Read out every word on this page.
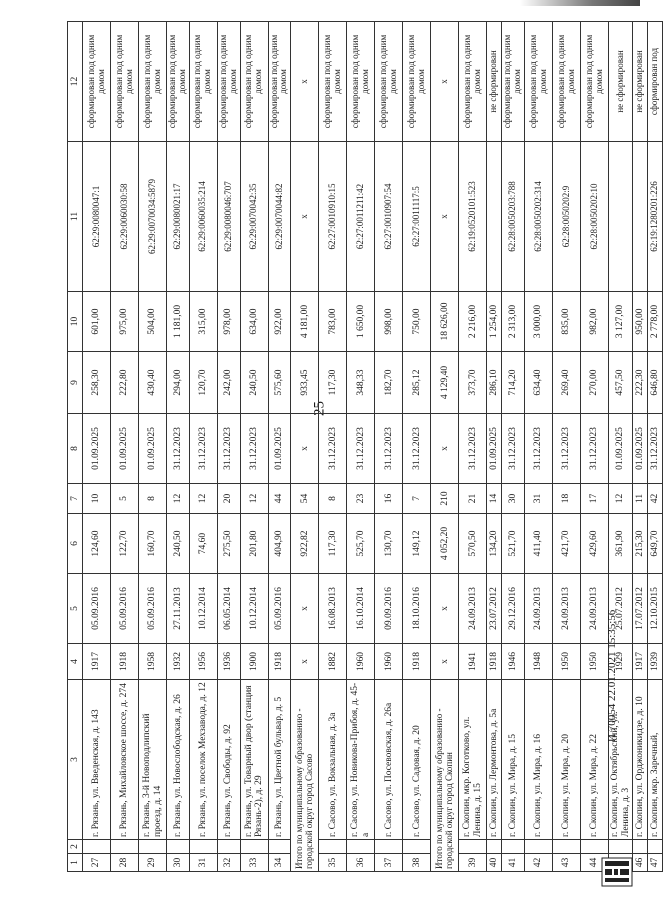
25
1	2	3	4	5	6	7	8	9	10	11	12
27		г. Рязань, ул. Введенская, д. 143	1917	05.09.2016	124,60	10	01.09.2025	258,30	601,00	62:29:0080047:1	сформирован под одним домом
28		г. Рязань, Михайловское шоссе, д. 274	1918	05.09.2016	122,70	5	01.09.2025	222,80	975,00	62:29:0060030:58	сформирован под одним домом
29		г. Рязань, 3-й Новоподлипский проезд, д. 14	1958	05.09.2016	160,70	8	01.09.2025	430,40	504,00	62:29:0070034:5879	сформирован под одним домом
30		г. Рязань, ул. Новослободская, д. 26	1932	27.11.2013	240,50	12	31.12.2023	294,00	1 181,00	62:29:0080021:17	сформирован под одним домом
31		г. Рязань, ул. поселок Мехзавода, д. 12	1956	10.12.2014	74,60	12	31.12.2023	120,70	315,00	62:29:0060035:214	сформирован под одним домом
32		г. Рязань, ул. Свободы, д. 92	1936	06.05.2014	275,50	20	31.12.2023	242,00	978,00	62:29:0080046:707	сформирован под одним домом
33		г. Рязань, ул. Товарный двор (станция Рязань-2), д. 29	1900	10.12.2014	201,80	12	31.12.2023	240,50	634,00	62:29:0070042:35	сформирован под одним домом
34		г. Рязань, ул. Цветной бульвар, д. 5	1918	05.09.2016	404,90	44	01.09.2025	575,60	922,00	62:29:0070044:82	сформирован под одним домом
Итого по муниципальному образованию - городской округ город Сасово			х	х	922,82	54	х	933,45	4 181,00	х	х
35		г. Сасово, ул. Вокзальная, д. 3а	1882	16.08.2013	117,30	8	31.12.2023	117,30	783,00	62:27:0010910:15	сформирован под одним домом
36		г. Сасово, ул. Новикова-Прибоя, д. 45-а	1960	16.10.2014	525,70	23	31.12.2023	348,33	1 650,00	62:27:0011211:42	сформирован под одним домом
37		г. Сасово, ул. Посевовская, д. 26а	1960	09.09.2016	130,70	16	31.12.2023	182,70	998,00	62:27:0010907:54	сформирован под одним домом
38		г. Сасово, ул. Садовая, д. 20	1918	18.10.2016	149,12	7	31.12.2023	285,12	750,00	62:27:0011117:5	сформирован под одним домом
Итого по муниципальному образованию - городской округ город Скопин			х	х	4 052,20	210	х	4 129,40	18 626,00	х	х
39		г. Скопин, мкр. Коготково, ул. Ленина, д. 15	1941	24.09.2013	570,50	21	31.12.2023	373,70	2 216,00	62:19:0520101:523	сформирован под одним домом
40		г. Скопин, ул. Лермонтова, д. 5а	1918	23.07.2012	134,20	14	01.09.2025	286,10	1 254,00		не сформирован
41		г. Скопин, ул. Мира, д. 15	1946	29.12.2016	521,70	30	31.12.2023	714,20	2 313,00	62:28:0050203:788	сформирован под одним домом
42		г. Скопин, ул. Мира, д. 16	1948	24.09.2013	411,40	31	31.12.2023	634,40	3 000,00	62:28:0050202:314	сформирован под одним домом
43		г. Скопин, ул. Мира, д. 20	1950	24.09.2013	421,70	18	31.12.2023	269,40	835,00	62:28:0050202:9	сформирован под одним домом
44		г. Скопин, ул. Мира, д. 22	1950	24.09.2013	429,60	17	31.12.2023	270,00	982,00	62:28:0050202:10	сформирован под одним домом
		г. Скопин, ул. Октябрьский, ул. Ленина, д. 3	1929	25.07.2012	361,90	12	01.09.2025	457,50	3 127,00		не сформирован
46		г. Скопин, ул. Орджоникидзе, д. 10	1917	17.07.2012	215,30	11	01.09.2025	222,30	950,00		не сформирован
47		г. Скопин, мкр. Заречный,	1939	12.10.2015	649,70	42	31.12.2023	646,80	2 778,00	62:19:1280201:226	сформирован под
И 70054 22.01.2021 15:35:56
